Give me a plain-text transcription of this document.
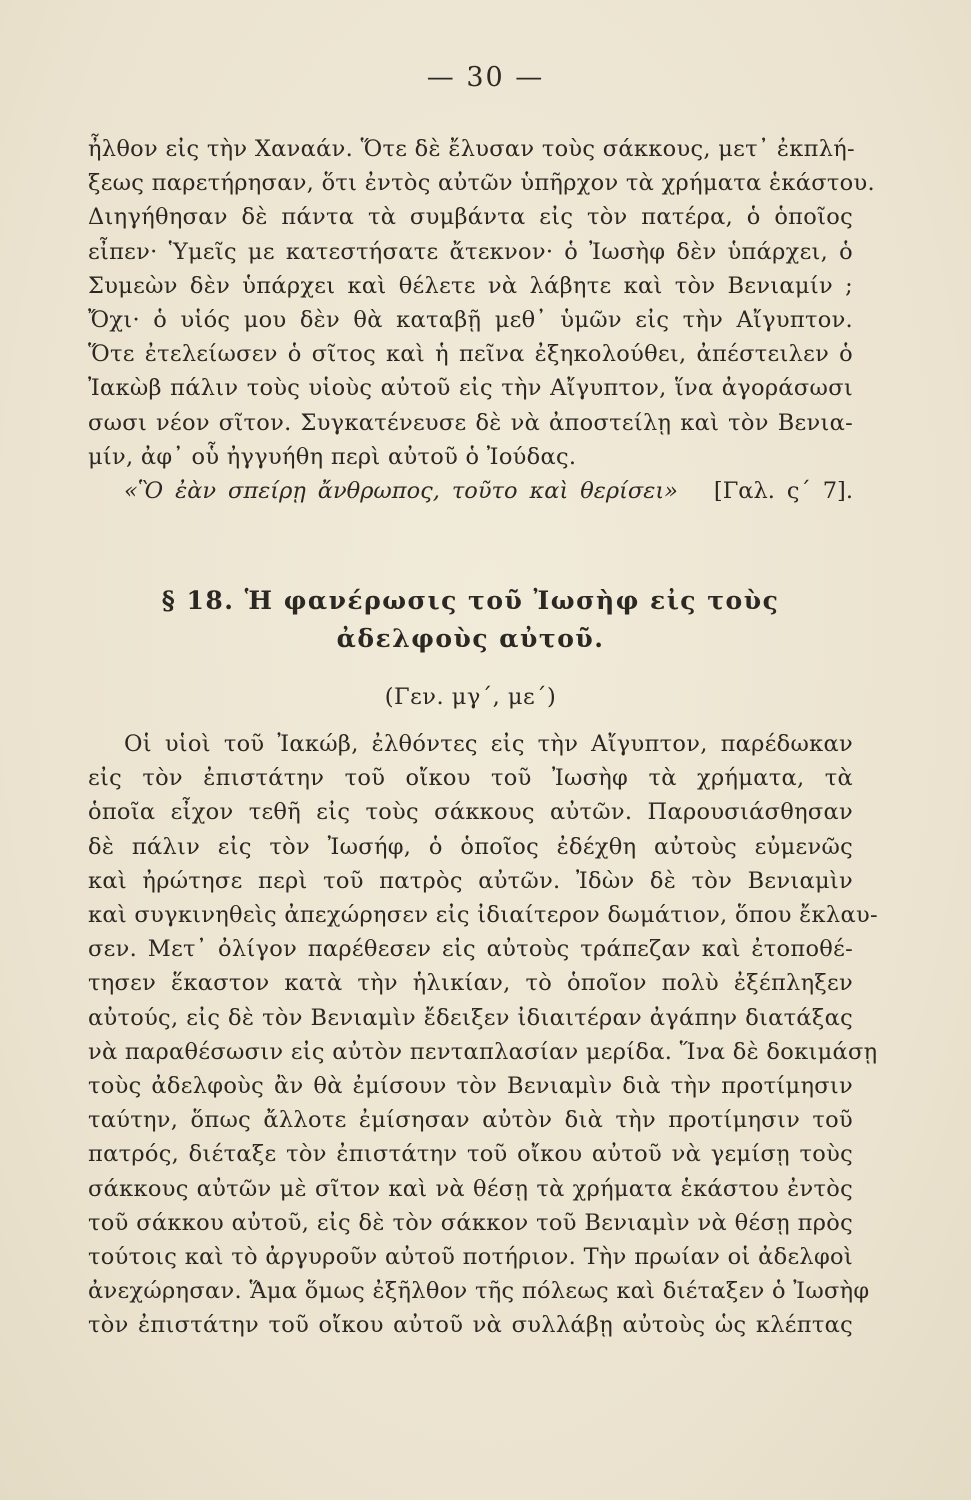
— 30 —
ἦλθον εἰς τὴν Χαναάν. Ὅτε δὲ ἔλυσαν τοὺς σάκκους, μετ᾽ ἐκπλή-
ξεως παρετήρησαν, ὅτι ἐντὸς αὐτῶν ὑπῆρχον τὰ χρήματα ἑκάστου.
Διηγήθησαν δὲ πάντα τὰ συμβάντα εἰς τὸν πατέρα, ὁ ὁποῖος
εἶπεν· Ὑμεῖς με κατεστήσατε ἄτεκνον· ὁ Ἰωσὴφ δὲν ὑπάρχει, ὁ
Συμεὼν δὲν ὑπάρχει καὶ θέλετε νὰ λάβητε καὶ τὸν Βενιαμίν ;
Ὄχι· ὁ υἱός μου δὲν θὰ καταβῇ μεθ᾽ ὑμῶν εἰς τὴν Αἴγυπτον.
Ὅτε ἐτελείωσεν ὁ σῖτος καὶ ἡ πεῖνα ἐξηκολούθει, ἀπέστειλεν ὁ
Ἰακὼβ πάλιν τοὺς υἱοὺς αὐτοῦ εἰς τὴν Αἴγυπτον, ἵνα ἀγοράσωσι
σωσι νέον σῖτον. Συγκατένευσε δὲ νὰ ἀποστείλῃ καὶ τὸν Βενια-
μίν, ἀφ᾽ οὗ ἠγγυήθη περὶ αὐτοῦ ὁ Ἰούδας.
«Ὃ ἐὰν σπείρῃ ἄνθρωπος, τοῦτο καὶ θερίσει» [Γαλ. ς´ 7].
§ 18. Ἡ φανέρωσις τοῦ Ἰωσὴφ εἰς τοὺς
ἀδελφοὺς αὐτοῦ.
(Γεν. μγ´, με´)
Οἱ υἱοὶ τοῦ Ἰακώβ, ἐλθόντες εἰς τὴν Αἴγυπτον, παρέδωκαν
εἰς τὸν ἐπιστάτην τοῦ οἴκου τοῦ Ἰωσὴφ τὰ χρήματα, τὰ
ὁποῖα εἶχον τεθῆ εἰς τοὺς σάκκους αὐτῶν. Παρουσιάσθησαν
δὲ πάλιν εἰς τὸν Ἰωσήφ, ὁ ὁποῖος ἐδέχθη αὐτοὺς εὐμενῶς
καὶ ἠρώτησε περὶ τοῦ πατρὸς αὐτῶν. Ἰδὼν δὲ τὸν Βενιαμὶν
καὶ συγκινηθεὶς ἀπεχώρησεν εἰς ἰδιαίτερον δωμάτιον, ὅπου ἔκλαυ-
σεν. Μετ᾽ ὀλίγον παρέθεσεν εἰς αὐτοὺς τράπεζαν καὶ ἐτοποθέ-
τησεν ἕκαστον κατὰ τὴν ἡλικίαν, τὸ ὁποῖον πολὺ ἐξέπληξεν
αὐτούς, εἰς δὲ τὸν Βενιαμὶν ἔδειξεν ἰδιαιτέραν ἀγάπην διατάξας
νὰ παραθέσωσιν εἰς αὐτὸν πενταπλασίαν μερίδα. Ἵνα δὲ δοκιμάσῃ
τοὺς ἀδελφοὺς ἂν θὰ ἐμίσουν τὸν Βενιαμὶν διὰ τὴν προτίμησιν
ταύτην, ὅπως ἄλλοτε ἐμίσησαν αὐτὸν διὰ τὴν προτίμησιν τοῦ
πατρός, διέταξε τὸν ἐπιστάτην τοῦ οἴκου αὐτοῦ νὰ γεμίσῃ τοὺς
σάκκους αὐτῶν μὲ σῖτον καὶ νὰ θέσῃ τὰ χρήματα ἑκάστου ἐντὸς
τοῦ σάκκου αὐτοῦ, εἰς δὲ τὸν σάκκον τοῦ Βενιαμὶν νὰ θέσῃ πρὸς
τούτοις καὶ τὸ ἀργυροῦν αὐτοῦ ποτήριον. Τὴν πρωίαν οἱ ἀδελφοὶ
ἀνεχώρησαν. Ἅμα ὅμως ἐξῆλθον τῆς πόλεως καὶ διέταξεν ὁ Ἰωσὴφ
τὸν ἐπιστάτην τοῦ οἴκου αὐτοῦ νὰ συλλάβῃ αὐτοὺς ὡς κλέπτας
